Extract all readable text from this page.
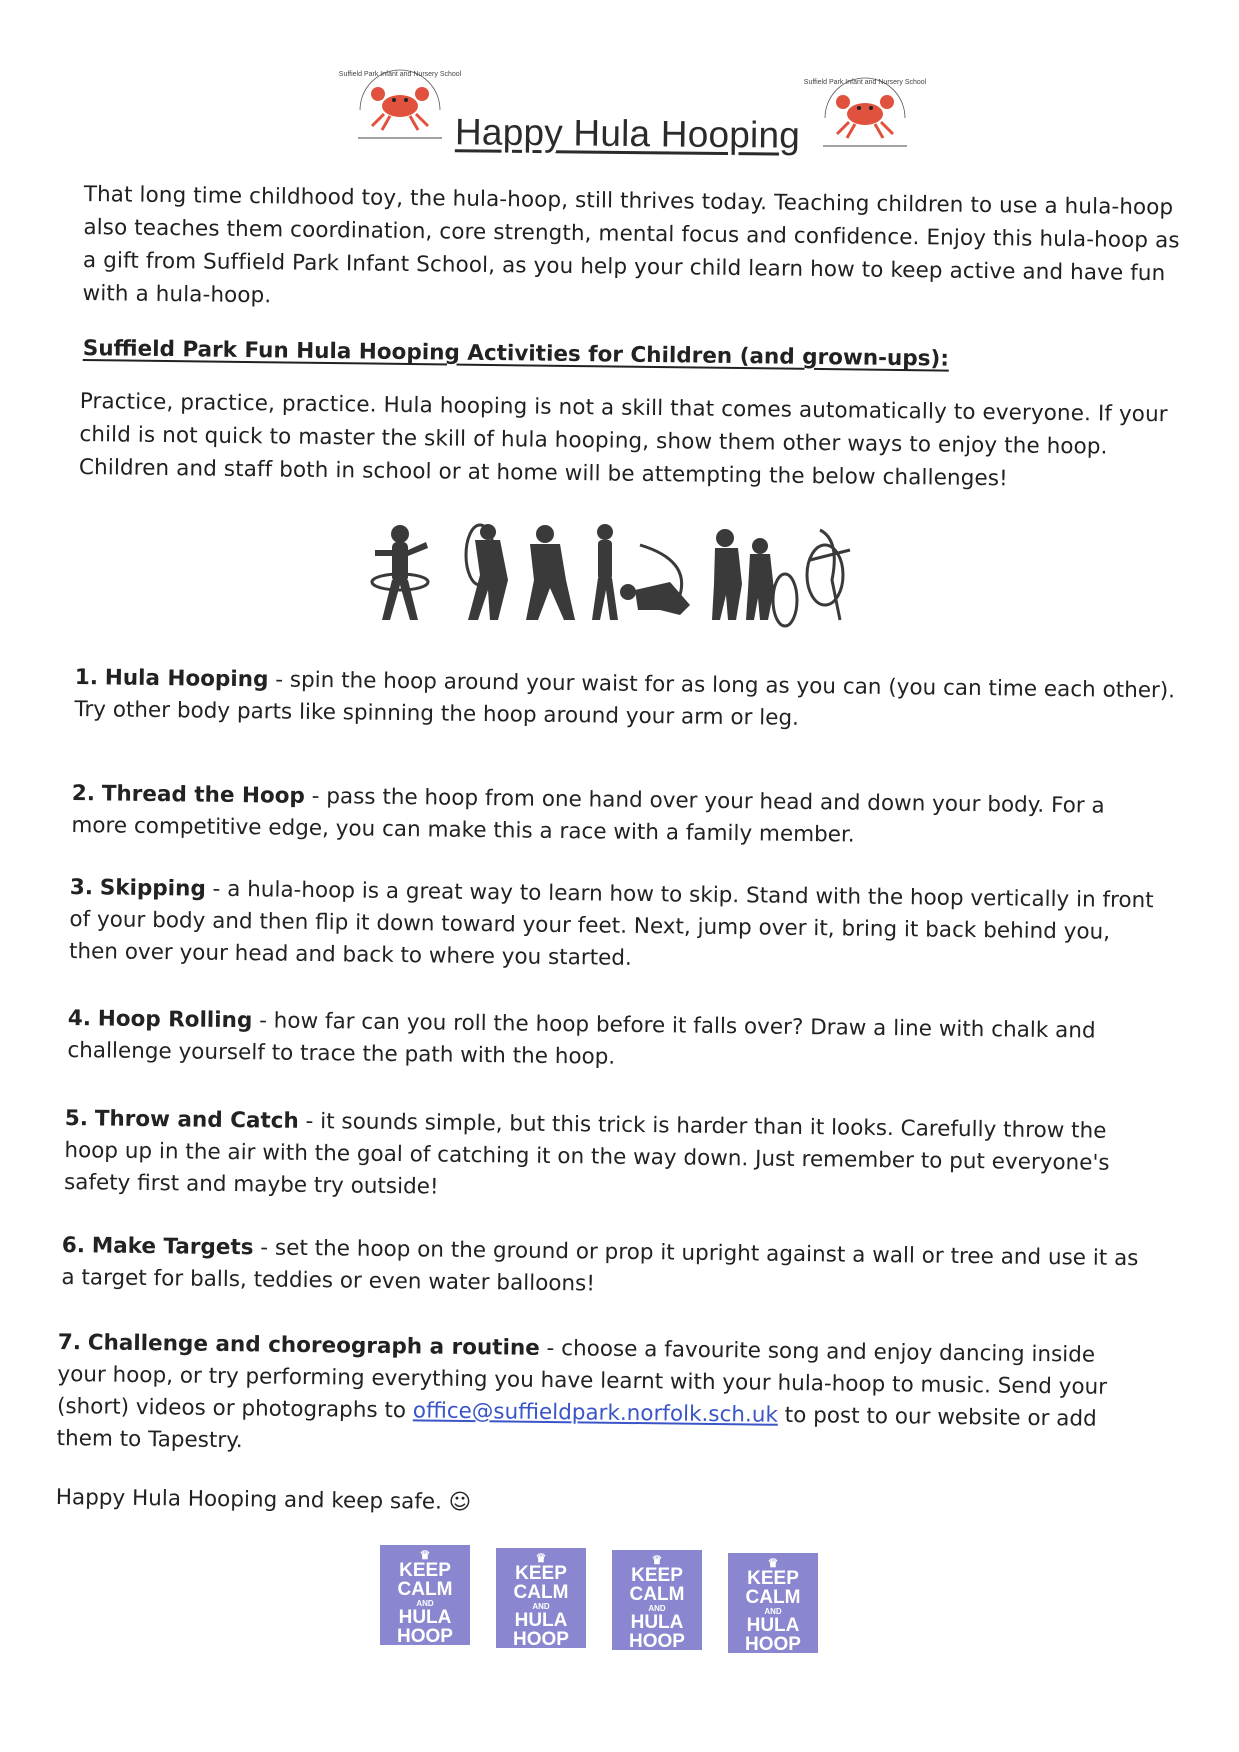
Suffield Park Infant and Nursery School
Suffield Park Infant and Nursery School
Happy Hula Hooping
That long time childhood toy, the hula-hoop, still thrives today. Teaching children to use a hula-hoop also teaches them coordination, core strength, mental focus and confidence. Enjoy this hula-hoop as a gift from Suffield Park Infant School, as you help your child learn how to keep active and have fun with a hula-hoop.
Suffield Park Fun Hula Hooping Activities for Children (and grown-ups):
Practice, practice, practice. Hula hooping is not a skill that comes automatically to everyone. If your child is not quick to master the skill of hula hooping, show them other ways to enjoy the hoop. Children and staff both in school or at home will be attempting the below challenges!
1. Hula Hooping - spin the hoop around your waist for as long as you can (you can time each other). Try other body parts like spinning the hoop around your arm or leg.
2. Thread the Hoop - pass the hoop from one hand over your head and down your body. For a more competitive edge, you can make this a race with a family member.
3. Skipping - a hula-hoop is a great way to learn how to skip. Stand with the hoop vertically in front of your body and then flip it down toward your feet. Next, jump over it, bring it back behind you, then over your head and back to where you started.
4. Hoop Rolling - how far can you roll the hoop before it falls over? Draw a line with chalk and challenge yourself to trace the path with the hoop.
5. Throw and Catch - it sounds simple, but this trick is harder than it looks. Carefully throw the hoop up in the air with the goal of catching it on the way down. Just remember to put everyone's safety first and maybe try outside!
6. Make Targets - set the hoop on the ground or prop it upright against a wall or tree and use it as a target for balls, teddies or even water balloons!
7. Challenge and choreograph a routine - choose a favourite song and enjoy dancing inside your hoop, or try performing everything you have learnt with your hula-hoop to music. Send your (short) videos or photographs to office@suffieldpark.norfolk.sch.uk to post to our website or add them to Tapestry.
Happy Hula Hooping and keep safe. ☺
♛
KEEP
CALM
AND
HULA
HOOP
♛
KEEP
CALM
AND
HULA
HOOP
♛
KEEP
CALM
AND
HULA
HOOP
♛
KEEP
CALM
AND
HULA
HOOP
